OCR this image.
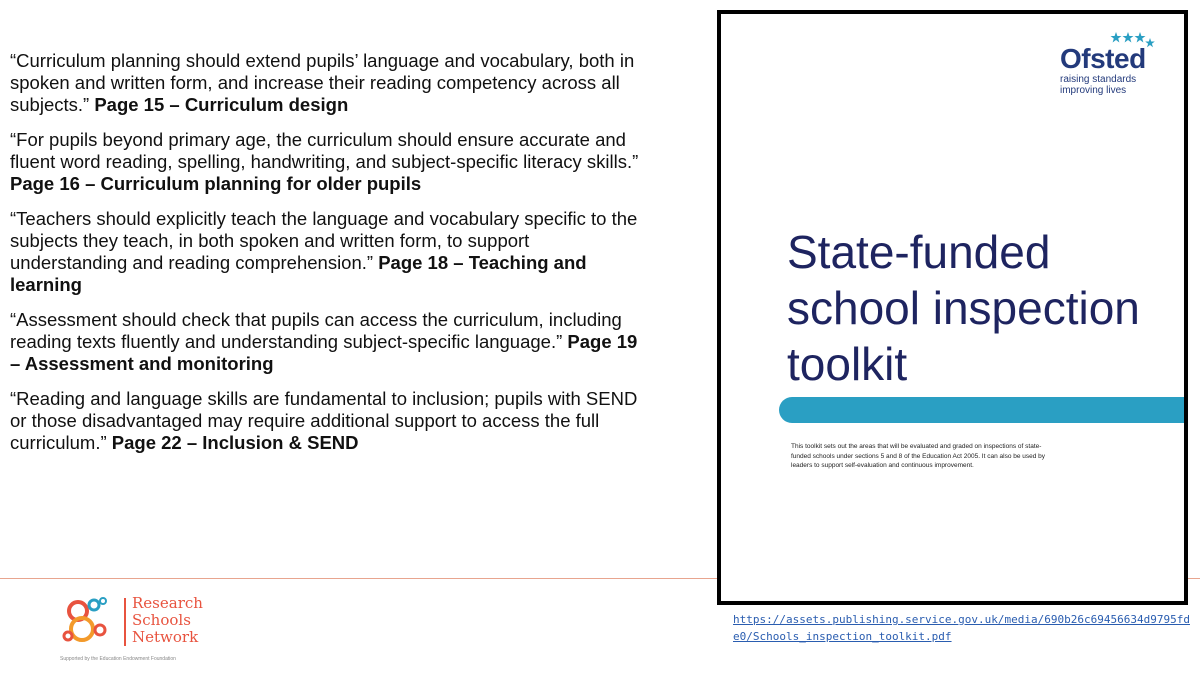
“Curriculum planning should extend pupils’ language and vocabulary, both in spoken and written form, and increase their reading competency across all subjects.” Page 15 – Curriculum design

“For pupils beyond primary age, the curriculum should ensure accurate and fluent word reading, spelling, handwriting, and subject-specific literacy skills.” Page 16 – Curriculum planning for older pupils

“Teachers should explicitly teach the language and vocabulary specific to the subjects they teach, in both spoken and written form, to support understanding and reading comprehension.” Page 18 – Teaching and learning

“Assessment should check that pupils can access the curriculum, including reading texts fluently and understanding subject-specific language.” Page 19 – Assessment and monitoring

“Reading and language skills are fundamental to inclusion; pupils with SEND or those disadvantaged may require additional support to access the full curriculum.” Page 22 – Inclusion & SEND

Research
Schools
Network
Supported by the Education Endowment Foundation
Ofsted
raising standards
improving lives
State-funded
school inspection
toolkit
This toolkit sets out the areas that will be evaluated and graded on inspections of state-funded schools under sections 5 and 8 of the Education Act 2005. It can also be used by leaders to support self-evaluation and continuous improvement.
https://assets.publishing.service.gov.uk/media/690b26c69456634d9795fde0/Schools_inspection_toolkit.pdf
